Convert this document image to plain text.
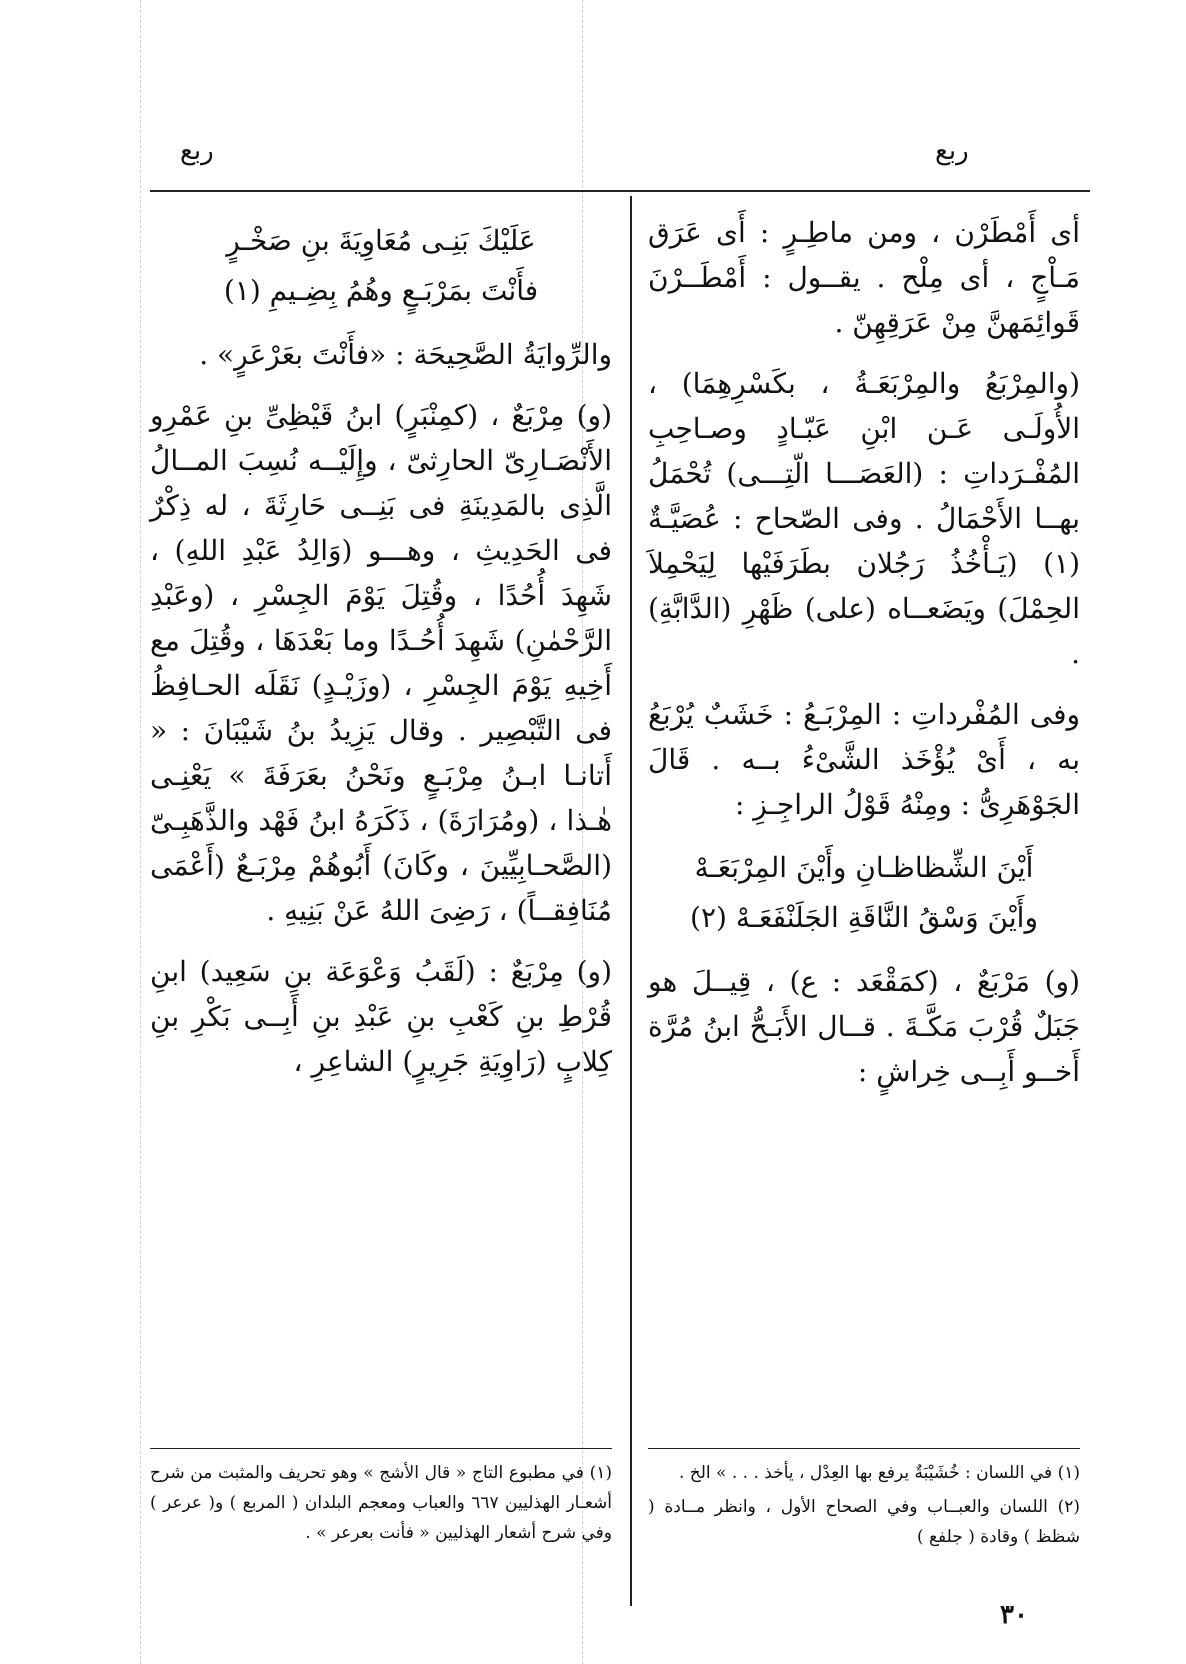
ربع
ربع

أى أَمْطَرْن ، ومن ماطِـرٍ : أَى عَرَق مَـاْجٍ ، أى مِلْح . يقــول : أَمْطَــرْنَ قَوائِمَهنَّ مِنْ عَرَقِهِنّ .

(والمِرْبَعُ والمِرْبَعَـةُ ، بكَسْرِهِمَا) ، الأُولَـى عَـن ابْنِ عَبّـادٍ وصـاحِبِ المُفْـرَداتِ : (العَصَـــا الّتِـــى) تُحْمَلُ بهــا الأَحْمَالُ . وفى الصّحاح : عُصَيَّـةٌ (١) (يَـأْخُذُ رَجُلان بطَرَفَيْها لِيَحْمِلاَ الحِمْلَ) ويَضَعــاه (على) ظَهْرِ (الدَّابَّةِ) .

وفى المُفْرداتِ : المِرْبَـعُ : خَشَبٌ يُرْبَعُ به ، أَىْ يُؤْخَذ الشَّىْءُ بــه . قَالَ الجَوْهَرِىُّ : ومِنْهُ قَوْلُ الراجِـزِ :

أَيْنَ الشِّظاظـانِ وأَيْنَ المِرْبَعَـهْ
وأَيْنَ وَسْقُ النَّاقَةِ الجَلَنْفَعَـهْ (٢)

(و) مَرْبَعٌ ، (كمَقْعَد : ع) ، قِيــلَ هو جَبَلٌ قُرْبَ مَكَّـةَ . قــال الأَبَـحُّ ابنُ مُرَّة أَخــو أَبِــى خِراشٍ :

عَلَيْكَ بَنِـى مُعَاوِيَةَ بنِ صَخْـرٍ
فأَنْتَ بمَرْبَـعٍ وهُمُ بِضِـيمِ (١)

والرِّوايَةُ الصَّحِيحَة : «فأَنْتَ بعَرْعَرٍ» .

(و) مِرْبَعٌ ، (كمِنْبَرٍ) ابنُ قَيْظِىِّ بنِ عَمْرِو الأَنْصَـارِىّ الحارِثىّ ، وإِلَيْــه نُسِبَ المــالُ الَّذِى بالمَدِينَةِ فى بَنِــى حَارِثَةَ ، له ذِكْرٌ فى الحَدِيثِ ، وهـــو (وَالِدُ عَبْدِ اللهِ) ، شَهِدَ أُحُدًا ، وقُتِلَ يَوْمَ الجِسْرِ ، (وعَبْدِ الرَّحْمٰنِ) شَهِدَ أُحُـدًا وما بَعْدَهَا ، وقُتِلَ مع أَخِيهِ يَوْمَ الجِسْرِ ، (وزَيْـدٍ) نَقَلَه الحـافِظُ فى التَّبْصِير . وقال يَزِيدُ بنُ شَيْبَانَ : « أَتانـا ابـنُ مِرْبَـعٍ ونَحْنُ بعَرَفَةَ » يَعْنِـى هٰـذا ، (ومُرَارَةَ) ، ذَكَرَهُ ابنُ فَهْد والذَّهَبِـىّ (الصَّحـابِيِّينَ ، وكَانَ) أَبُوهُمْ مِرْبَـعٌ (أَعْمَى مُنَافِقــاً) ، رَضِىَ اللهُ عَنْ بَنِيهِ .

(و) مِرْبَعٌ : (لَقَبُ وَعْوَعَة بنِ سَعِيد) ابنِ قُرْطِ بنِ كَعْبِ بنِ عَبْدِ بنِ أَبِــى بَكْرِ بنِ كِلابٍ (رَاوِيَةِ جَرِيرٍ) الشاعِرِ ،

(١) في اللسان : خُشَيْبَةٌ يرفع بها العِدْل ، يأخذ . . . » الخ .

(٢) اللسان والعبــاب وفي الصحاح الأول ، وانظر مــادة ( شظظ ) وقادة ( جلفع )

(١) في مطبوع التاج « قال الأشج » وهو تحريف والمثبت من شرح أشعـار الهذليين ٦٦٧ والعباب ومعجم البلدان ( المربع ) و( عرعر ) وفي شرح أشعار الهذليين « فأنت بعرعر » .

٣٠
